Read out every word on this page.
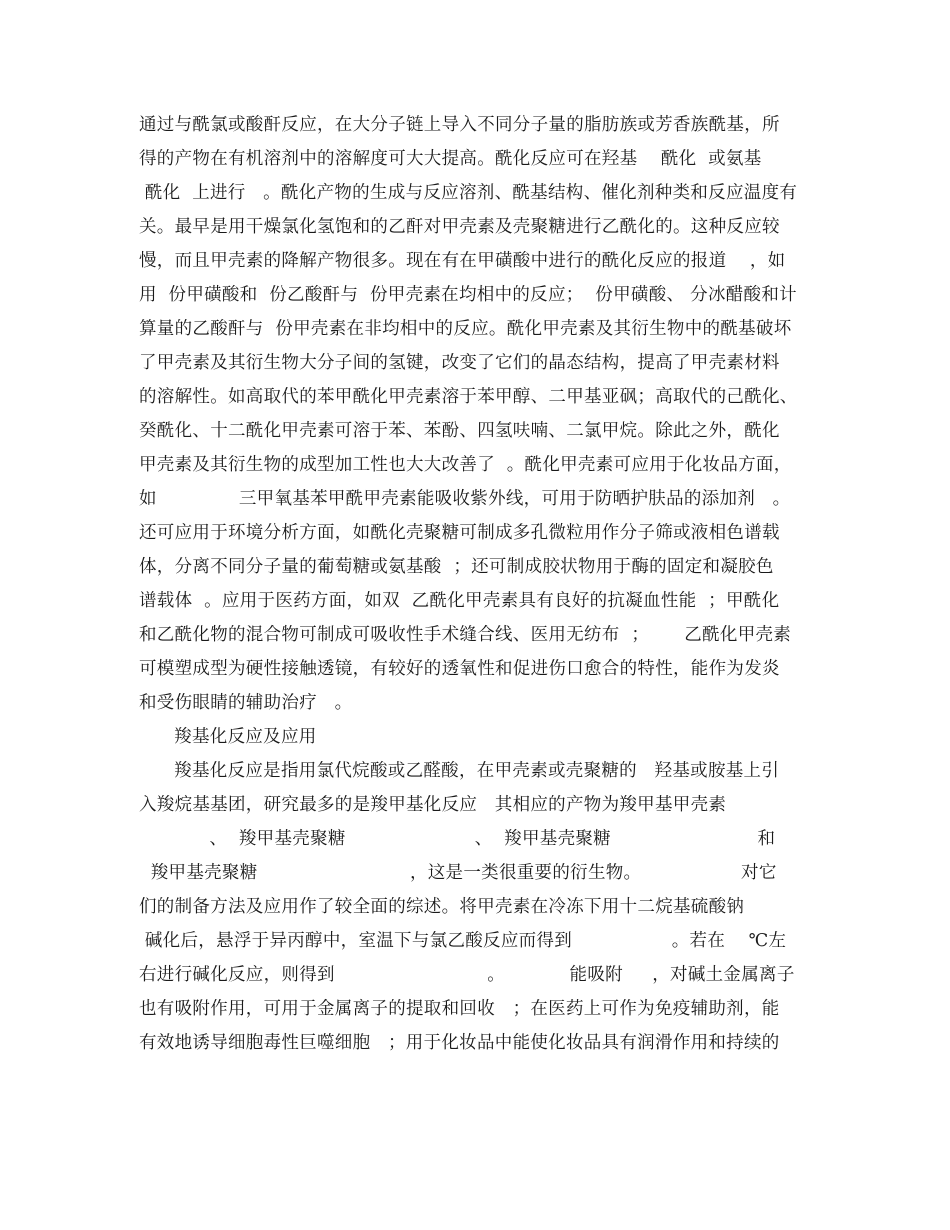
通过与酰氯或酸酐反应，在大分子链上导入不同分子量的脂肪族或芳香族酰基，所
得的产物在有机溶剂中的溶解度可大大提高。酰化反应可在羟基    酰化  或氨基
酰化  上进行   。酰化产物的生成与反应溶剂、酰基结构、催化剂种类和反应温度有
关。最早是用干燥氯化氢饱和的乙酐对甲壳素及壳聚糖进行乙酰化的。这种反应较
慢，而且甲壳素的降解产物很多。现在有在甲磺酸中进行的酰化反应的报道    ，如
用  份甲磺酸和  份乙酸酐与  份甲壳素在均相中的反应；  份甲磺酸、 分冰醋酸和计
算量的乙酸酐与  份甲壳素在非均相中的反应。酰化甲壳素及其衍生物中的酰基破坏
了甲壳素及其衍生物大分子间的氢键，改变了它们的晶态结构，提高了甲壳素材料
的溶解性。如高取代的苯甲酰化甲壳素溶于苯甲醇、二甲基亚砜；高取代的己酰化、
癸酰化、十二酰化甲壳素可溶于苯、苯酚、四氢呋喃、二氯甲烷。除此之外，酰化
甲壳素及其衍生物的成型加工性也大大改善了  。酰化甲壳素可应用于化妆品方面，
如              三甲氧基苯甲酰甲壳素能吸收紫外线，可用于防晒护肤品的添加剂   。
还可应用于环境分析方面，如酰化壳聚糖可制成多孔微粒用作分子筛或液相色谱载
体，分离不同分子量的葡萄糖或氨基酸  ；还可制成胶状物用于酶的固定和凝胶色
谱载体  。应用于医药方面，如双  乙酰化甲壳素具有良好的抗凝血性能  ；甲酰化
和乙酰化物的混合物可制成可吸收性手术缝合线、医用无纺布  ；      乙酰化甲壳素
可模塑成型为硬性接触透镜，有较好的透氧性和促进伤口愈合的特性，能作为发炎
和受伤眼睛的辅助治疗   。
羧基化反应及应用
羧基化反应是指用氯代烷酸或乙醛酸，在甲壳素或壳聚糖的   羟基或胺基上引
入羧烷基基团，研究最多的是羧甲基化反应   其相应的产物为羧甲基甲壳素
、  羧甲基壳聚糖                      、  羧甲基壳聚糖                         和
羧甲基壳聚糖                          ，这是一类很重要的衍生物。                 对它
们的制备方法及应用作了较全面的综述。将甲壳素在冷冻下用十二烷基硫酸钠
碱化后，悬浮于异丙醇中，室温下与氯乙酸反应而得到                 。若在    ℃左
右进行碱化反应，则得到                          。           能吸附     ，对碱土金属离子
也有吸附作用，可用于金属离子的提取和回收   ；在医药上可作为免疫辅助剂，能
有效地诱导细胞毒性巨噬细胞   ；用于化妆品中能使化妆品具有润滑作用和持续的
